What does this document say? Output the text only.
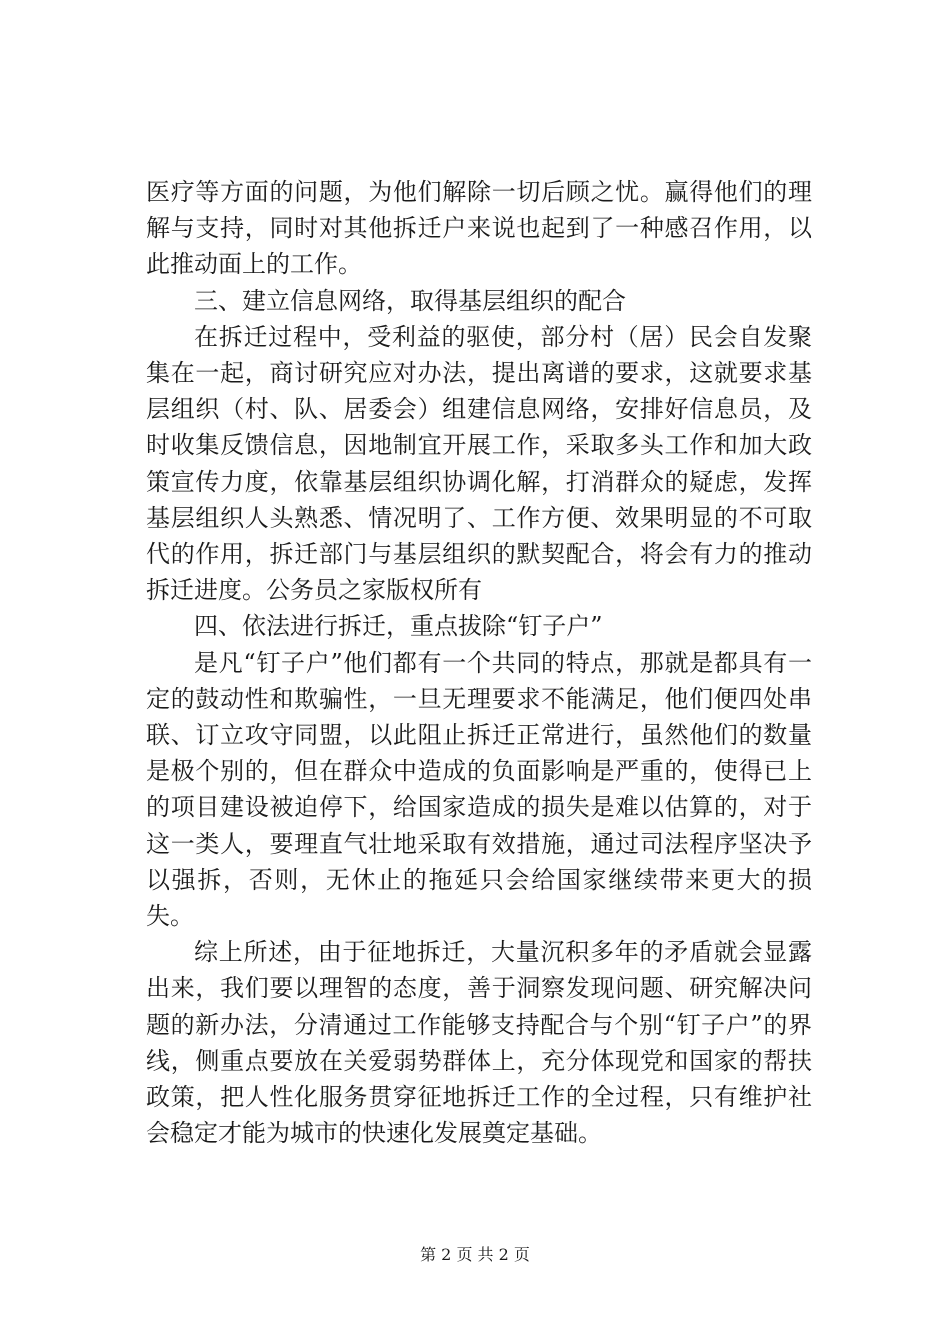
医疗等方面的问题，为他们解除一切后顾之忧。赢得他们的理解与支持，同时对其他拆迁户来说也起到了一种感召作用，以此推动面上的工作。

三、建立信息网络，取得基层组织的配合

在拆迁过程中，受利益的驱使，部分村（居）民会自发聚集在一起，商讨研究应对办法，提出离谱的要求，这就要求基层组织（村、队、居委会）组建信息网络，安排好信息员，及时收集反馈信息，因地制宜开展工作，采取多头工作和加大政策宣传力度，依靠基层组织协调化解，打消群众的疑虑，发挥基层组织人头熟悉、情况明了、工作方便、效果明显的不可取代的作用，拆迁部门与基层组织的默契配合，将会有力的推动拆迁进度。公务员之家版权所有

四、依法进行拆迁，重点拔除“钉子户”

是凡“钉子户”他们都有一个共同的特点，那就是都具有一定的鼓动性和欺骗性，一旦无理要求不能满足，他们便四处串联、订立攻守同盟，以此阻止拆迁正常进行，虽然他们的数量是极个别的，但在群众中造成的负面影响是严重的，使得已上的项目建设被迫停下，给国家造成的损失是难以估算的，对于这一类人，要理直气壮地采取有效措施，通过司法程序坚决予以强拆，否则，无休止的拖延只会给国家继续带来更大的损失。

综上所述，由于征地拆迁，大量沉积多年的矛盾就会显露出来，我们要以理智的态度，善于洞察发现问题、研究解决问题的新办法，分清通过工作能够支持配合与个别“钉子户”的界线，侧重点要放在关爱弱势群体上，充分体现党和国家的帮扶政策，把人性化服务贯穿征地拆迁工作的全过程，只有维护社会稳定才能为城市的快速化发展奠定基础。

第 2 页 共 2 页
